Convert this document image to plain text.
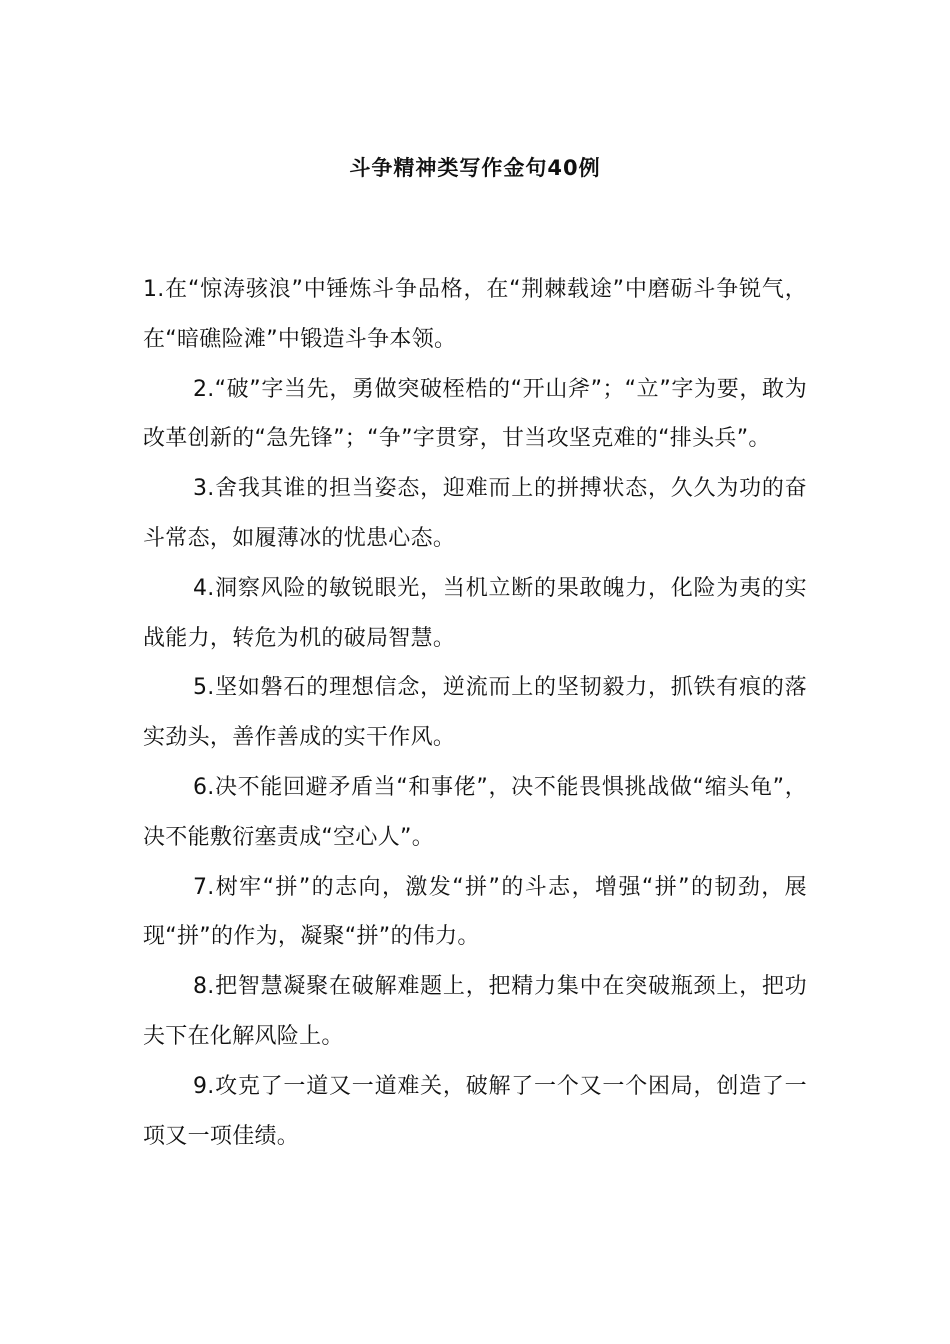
斗争精神类写作金句40例

1.在“惊涛骇浪”中锤炼斗争品格，在“荆棘载途”中磨砺斗争锐气，在“暗礁险滩”中锻造斗争本领。

2.“破”字当先，勇做突破桎梏的“开山斧”；“立”字为要，敢为改革创新的“急先锋”；“争”字贯穿，甘当攻坚克难的“排头兵”。

3.舍我其谁的担当姿态，迎难而上的拼搏状态，久久为功的奋斗常态，如履薄冰的忧患心态。

4.洞察风险的敏锐眼光，当机立断的果敢魄力，化险为夷的实战能力，转危为机的破局智慧。

5.坚如磐石的理想信念，逆流而上的坚韧毅力，抓铁有痕的落实劲头，善作善成的实干作风。

6.决不能回避矛盾当“和事佬”，决不能畏惧挑战做“缩头龟”，决不能敷衍塞责成“空心人”。

7.树牢“拼”的志向，激发“拼”的斗志，增强“拼”的韧劲，展现“拼”的作为，凝聚“拼”的伟力。

8.把智慧凝聚在破解难题上，把精力集中在突破瓶颈上，把功夫下在化解风险上。

9.攻克了一道又一道难关，破解了一个又一个困局，创造了一项又一项佳绩。
